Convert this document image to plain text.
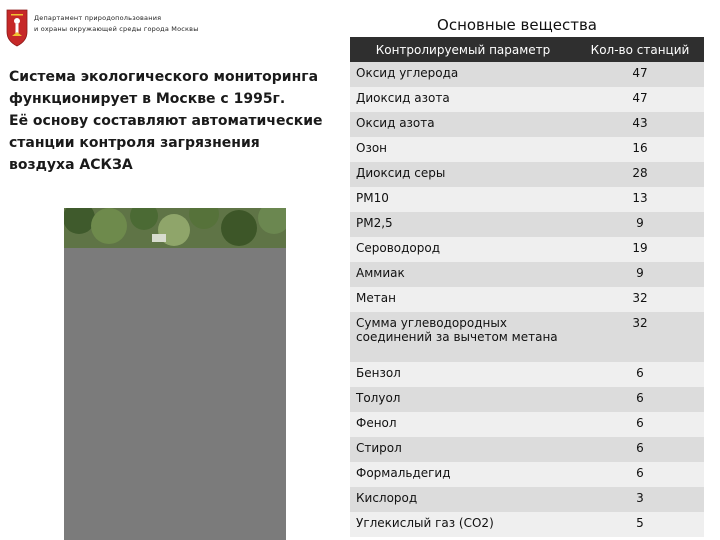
Департамент природопользования
и охраны окружающей среды города Москвы

Система экологического мониторинга функционирует в Москве с 1995г.

Её основу составляют автоматические станции контроля загрязнения воздуха АСКЗА

Основные вещества
Контролируемый параметр	Кол-во станций
Оксид углерода	47
Диоксид азота	47
Оксид азота	43
Озон	16
Диоксид серы	28
РМ10	13
РМ2,5	9
Сероводород	19
Аммиак	9
Метан	32
Сумма углеводородных соединений за вычетом метана	32
Бензол	6
Толуол	6
Фенол	6
Стирол	6
Формальдегид	6
Кислород	3
Углекислый газ (СО2)	5
